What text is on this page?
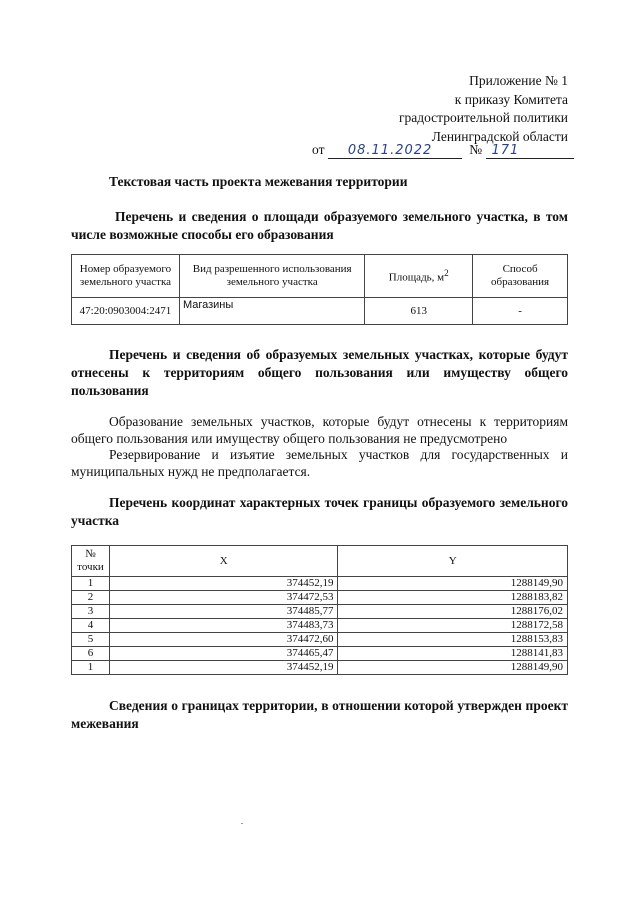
Приложение № 1
к приказу Комитета
градостроительной политики
Ленинградской области
от 08.11.2022	№ 171
Текстовая часть проекта межевания территории
Перечень и сведения о площади образуемого земельного участка, в том числе возможные способы его образования
Номер образуемого земельного участка	Вид разрешенного использования земельного участка	Площадь, $м^2$	Способ образования
47:20:0903004:2471	Магазины	613	-
Перечень и сведения об образуемых земельных участках, которые будут отнесены к территориям общего пользования или имуществу общего пользования
Образование земельных участков, которые будут отнесены к территориям общего пользования или имуществу общего пользования не предусмотрено
Резервирование и изъятие земельных участков для государственных и муниципальных нужд не предполагается.
Перечень координат характерных точек границы образуемого земельного участка
№ точки	X	Y
1	374452,19	1288149,90
2	374472,53	1288183,82
3	374485,77	1288176,02
4	374483,73	1288172,58
5	374472,60	1288153,83
6	374465,47	1288141,83
1	374452,19	1288149,90
Сведения о границах территории, в отношении которой утвержден проект межевания
